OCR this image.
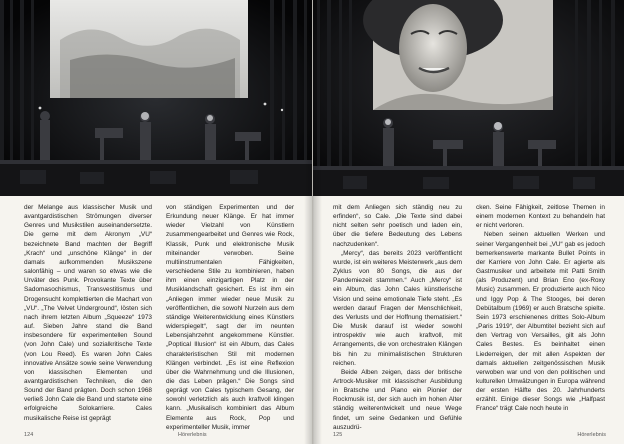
der Melange aus klassischer Musik und avantgardistischen Strömungen diverser Genres und Musikstilen auseinandersetzte. Die gerne mit dem Akronym „VU“ bezeichnete Band machten der Begriff „Krach“ und „unschöne Klänge“ in der damals aufkommenden Musikszene salonfähig – und waren so etwas wie die Urväter des Punk. Provokante Texte über Sadomasochismus, Transvestitismus und Drogensucht komplettierten die Machart von „VU“. „The Velvet Underground“, lösten sich nach ihrem letzten Album „Squeeze“ 1973 auf. Sieben Jahre stand die Band insbesondere für experimentellen Sound (von John Cale) und sozialkritische Texte (von Lou Reed). Es waren John Cales innovative Ansätze sowie seine Verwendung von klassischen Elementen und avantgardistischen Techniken, die den Sound der Band prägten. Doch schon 1968 verließ John Cale die Band und startete eine erfolgreiche Solokarriere. Cales musikalische Reise ist geprägt

von ständigen Experimenten und der Erkundung neuer Klänge. Er hat immer wieder Vielzahl von Künstlern zusammengearbeitet und Genres wie Rock, Klassik, Punk und elektronische Musik miteinander verwoben. Seine multiinstrumentalen Fähigkeiten, verschiedene Stile zu kombinieren, haben ihm einen einzigartigen Platz in der Musiklandschaft gesichert. Es ist ihm ein „Anliegen immer wieder neue Musik zu veröffentlichen, die sowohl Nurzeln aus dem ständige Weiterentwicklung eines Künstlers widerspiegelt“, sagt der im neunten Lebensjahrzehnt angekommene Künstler. „Poptical Illusion“ ist ein Album, das Cales charakteristischen Stil mit modernen Klängen verbindet. „Es ist eine Reflexion über die Wahrnehmung und die Illusionen, die das Leben prägen.“ Die Songs sind geprägt von Cales typischem Gesang, der sowohl verletzlich als auch kraftvoll klingen kann. „Musikalisch kombiniert das Album Elemente aus Rock, Pop und experimenteller Musik, immer

124	Hörerlebnis

mit dem Anliegen sich ständig neu zu erfinden“, so Cale. „Die Texte sind dabei nicht selten sehr poetisch und laden ein, über die tiefere Bedeutung des Lebens nachzudenken“.

„Mercy“, das bereits 2023 veröffentlicht wurde, ist ein weiteres Meisterwerk „aus dem Zyklus von 80 Songs, die aus der Pandemiezeit stammen.“ Auch „Mercy“ ist ein Album, das John Cales künstlerische Vision und seine emotionale Tiefe steht. „Es werden darauf Fragen der Menschlichkeit, des Verlusts und der Hoffnung thematisiert.“ Die Musik darauf ist wieder sowohl introspektiv wie auch kraftvoll, mit Arrangements, die von orchestralen Klängen bis hin zu minimalistischen Strukturen reichen.

Beide Alben zeigen, dass der britische Artrock-Musiker mit klassischer Ausbildung in Bratsche und Piano ein Pionier der Rockmusik ist, der sich auch im hohen Alter ständig weiterentwickelt und neue Wege findet, um seine Gedanken und Gefühle auszudrü-

cken. Seine Fähigkeit, zeitlose Themen in einem modernen Kontext zu behandeln hat er nicht verloren.

Neben seinen aktuellen Werken und seiner Vergangenheit bei „VU“ gab es jedoch bemerkenswerte markante Bullet Points in der Karriere von John Cale. Er agierte als Gastmusiker und arbeitete mit Patti Smith (als Produzent) und Brian Eno (ex-Roxy Music) zusammen. Er produzierte auch Nico und Iggy Pop & The Stooges, bei deren Debütalbum (1969) er auch Bratsche spielte. Sein 1973 erschienenes drittes Solo-Album „Paris 1919“, der Albumtitel bezieht sich auf den Vertrag von Versailles, gilt als John Cales Bestes. Es beinhaltet einen Liederreigen, der mit allen Aspekten der damals aktuellen zeitgenössischen Musik verwoben war und von den politischen und kulturellen Umwälzungen in Europa während der ersten Hälfte des 20. Jahrhunderts erzählt. Einige dieser Songs wie „Halfpast France“ trägt Cale noch heute in

125	Hörerlebnis
